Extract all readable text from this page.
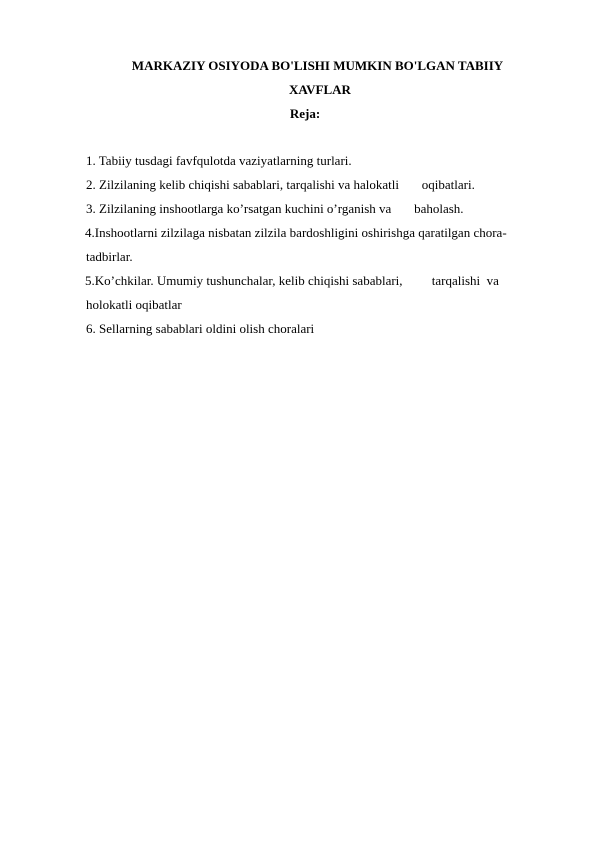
MARKAZIY OSIYODA BO'LISHI MUMKIN BO'LGAN TABIIY
XAVFLAR
Reja:
1. Tabiiy tusdagi favfqulotda vaziyatlarning turlari.
2. Zilzilaning kelib chiqishi sabablari, tarqalishi va halokatli       oqibatlari.
3. Zilzilaning inshootlarga ko’rsatgan kuchini o’rganish va       baholash.
4.Inshootlarni zilzilaga nisbatan zilzila bardoshligini oshirishga qaratilgan chora-
tadbirlar.
5.Ko’chkilar. Umumiy tushunchalar, kelib chiqishi sabablari,         tarqalishi  va
holokatli oqibatlar
6. Sellarning sabablari oldini olish choralari
